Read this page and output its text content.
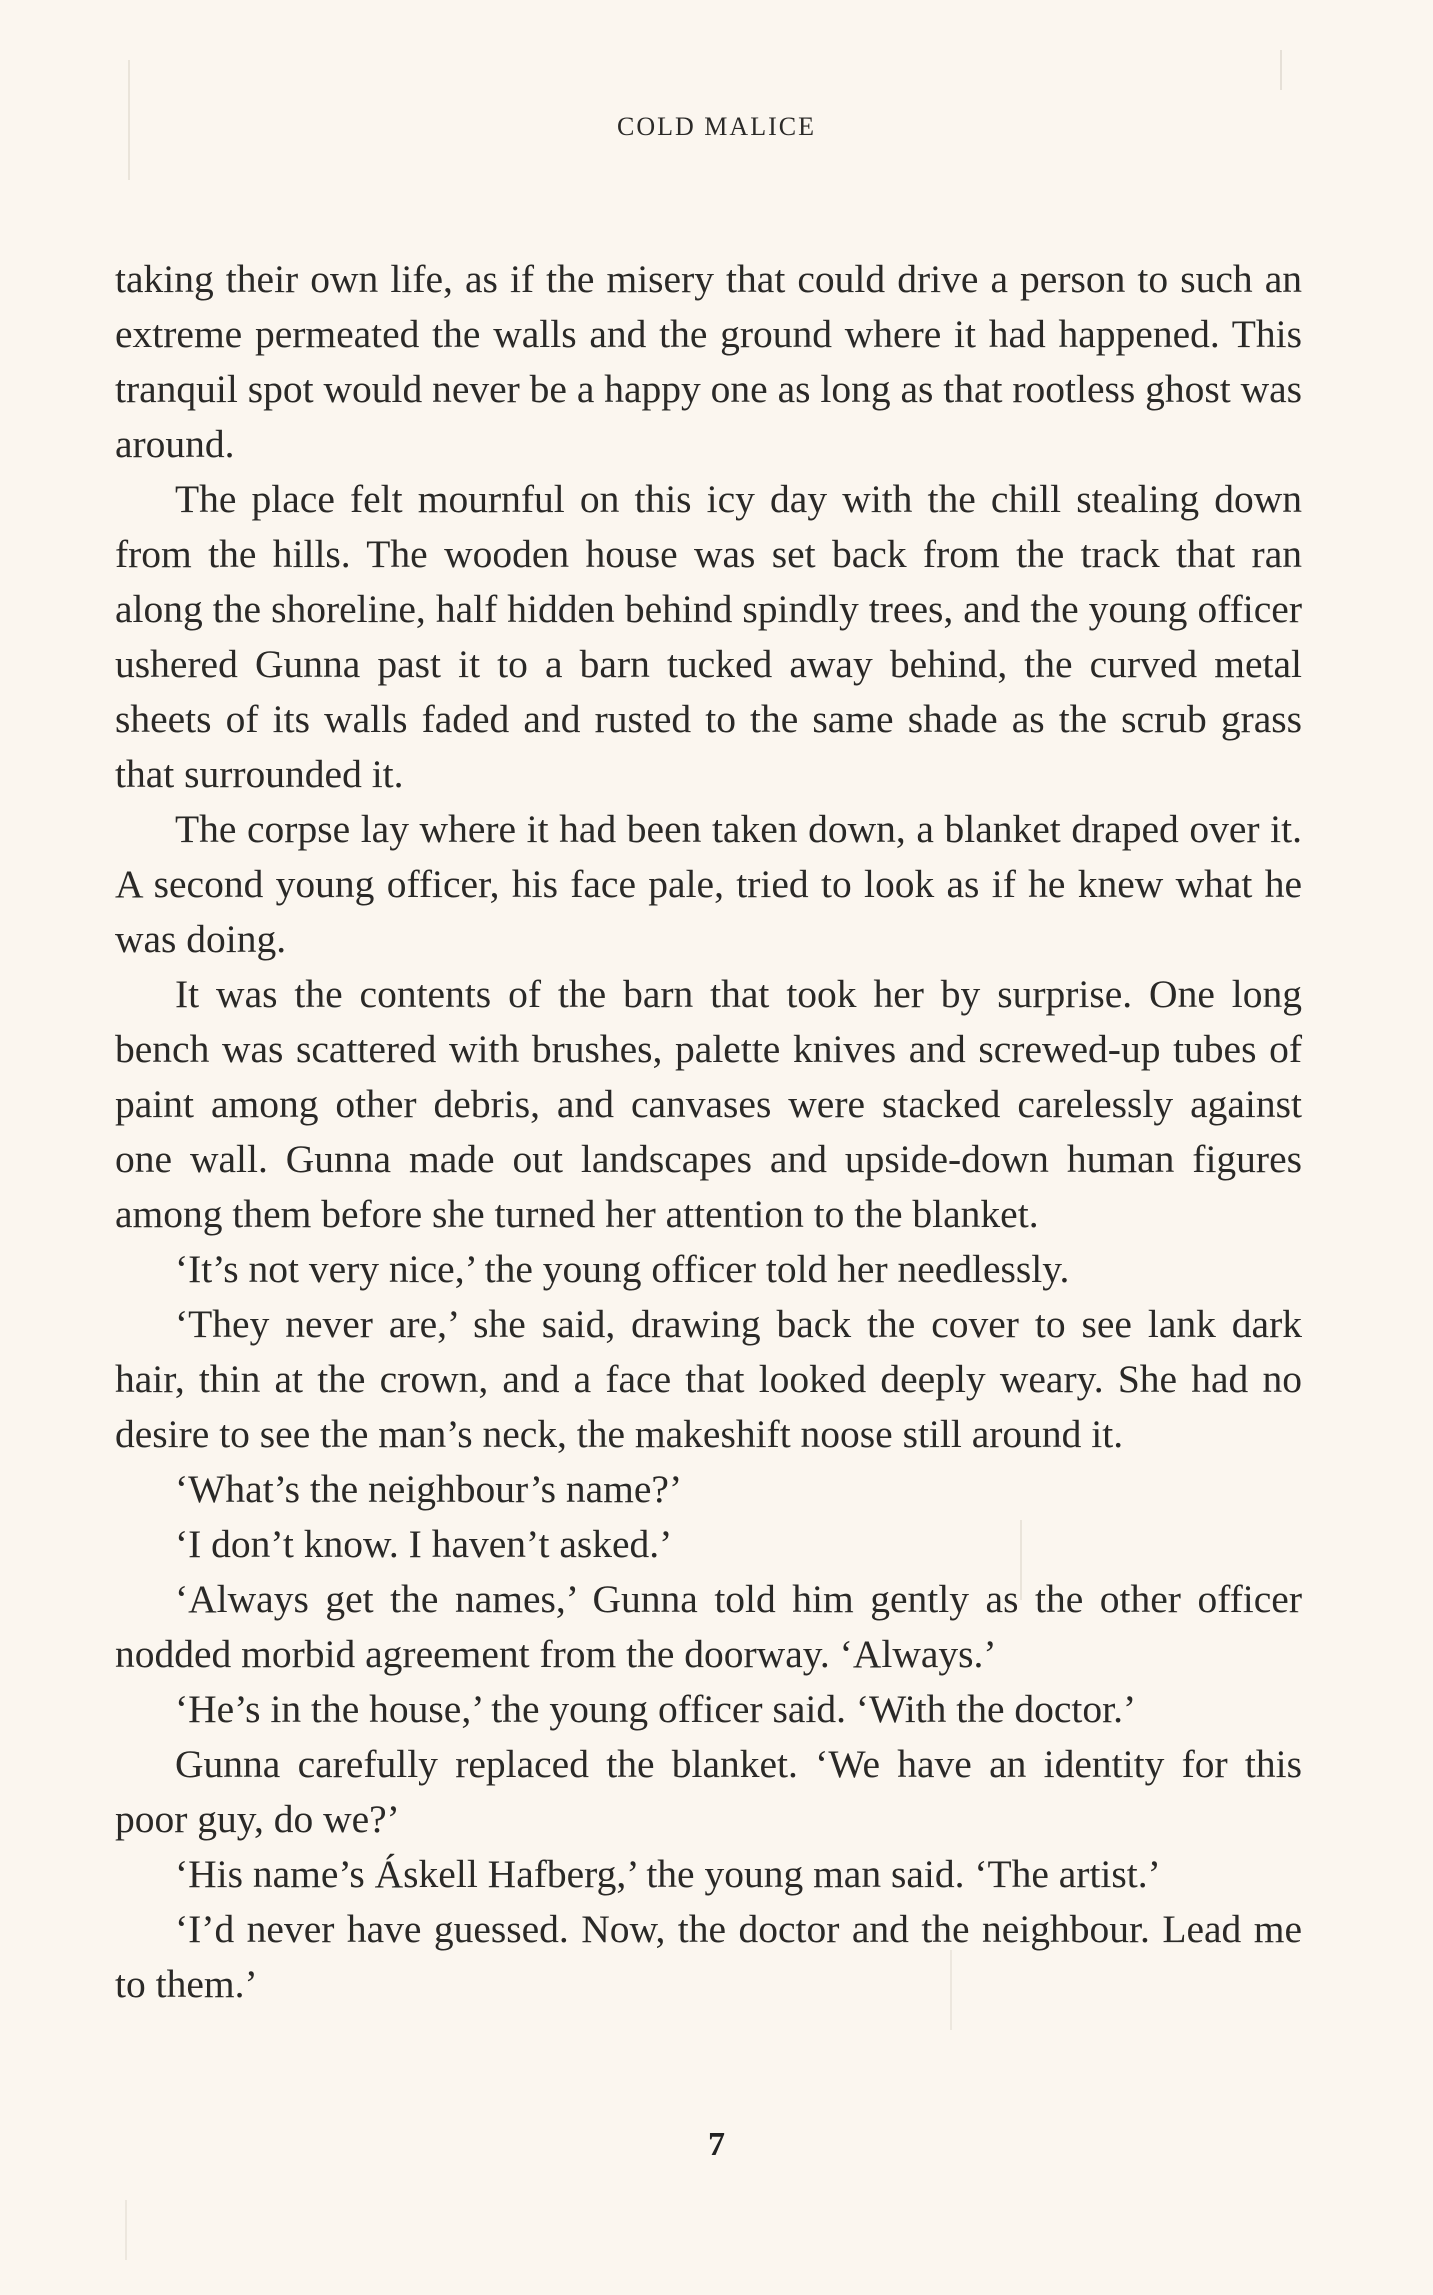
COLD MALICE

taking their own life, as if the misery that could drive a person to such an extreme permeated the walls and the ground where it had happened. This tranquil spot would never be a happy one as long as that rootless ghost was around.

The place felt mournful on this icy day with the chill stealing down from the hills. The wooden house was set back from the track that ran along the shoreline, half hidden behind spindly trees, and the young officer ushered Gunna past it to a barn tucked away behind, the curved metal sheets of its walls faded and rusted to the same shade as the scrub grass that surrounded it.

The corpse lay where it had been taken down, a blanket draped over it. A second young officer, his face pale, tried to look as if he knew what he was doing.

It was the contents of the barn that took her by surprise. One long bench was scattered with brushes, palette knives and screwed-up tubes of paint among other debris, and canvases were stacked carelessly against one wall. Gunna made out landscapes and upside-down human figures among them before she turned her attention to the blanket.

‘It’s not very nice,’ the young officer told her needlessly.

‘They never are,’ she said, drawing back the cover to see lank dark hair, thin at the crown, and a face that looked deeply weary. She had no desire to see the man’s neck, the makeshift noose still around it.

‘What’s the neighbour’s name?’

‘I don’t know. I haven’t asked.’

‘Always get the names,’ Gunna told him gently as the other officer nodded morbid agreement from the doorway. ‘Always.’

‘He’s in the house,’ the young officer said. ‘With the doctor.’

Gunna carefully replaced the blanket. ‘We have an identity for this poor guy, do we?’

‘His name’s Áskell Hafberg,’ the young man said. ‘The artist.’

‘I’d never have guessed. Now, the doctor and the neighbour. Lead me to them.’

7
